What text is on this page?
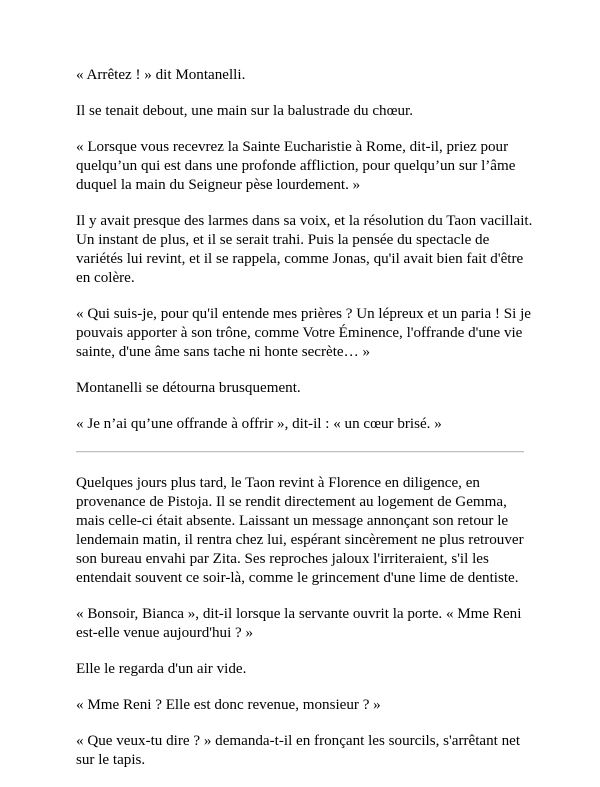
« Arrêtez ! » dit Montanelli.

Il se tenait debout, une main sur la balustrade du chœur.

« Lorsque vous recevrez la Sainte Eucharistie à Rome, dit-il, priez pour
quelqu’un qui est dans une profonde affliction, pour quelqu’un sur l’âme
duquel la main du Seigneur pèse lourdement. »

Il y avait presque des larmes dans sa voix, et la résolution du Taon vacillait.
Un instant de plus, et il se serait trahi. Puis la pensée du spectacle de
variétés lui revint, et il se rappela, comme Jonas, qu'il avait bien fait d'être
en colère.

« Qui suis-je, pour qu'il entende mes prières ? Un lépreux et un paria ! Si je
pouvais apporter à son trône, comme Votre Éminence, l'offrande d'une vie
sainte, d'une âme sans tache ni honte secrète… »

Montanelli se détourna brusquement.

« Je n’ai qu’une offrande à offrir », dit-il : « un cœur brisé. »

Quelques jours plus tard, le Taon revint à Florence en diligence, en
provenance de Pistoja. Il se rendit directement au logement de Gemma,
mais celle-ci était absente. Laissant un message annonçant son retour le
lendemain matin, il rentra chez lui, espérant sincèrement ne plus retrouver
son bureau envahi par Zita. Ses reproches jaloux l'irriteraient, s'il les
entendait souvent ce soir-là, comme le grincement d'une lime de dentiste.

« Bonsoir, Bianca », dit-il lorsque la servante ouvrit la porte. « Mme Reni
est-elle venue aujourd'hui ? »

Elle le regarda d'un air vide.

« Mme Reni ? Elle est donc revenue, monsieur ? »

« Que veux-tu dire ? » demanda-t-il en fronçant les sourcils, s'arrêtant net
sur le tapis.
